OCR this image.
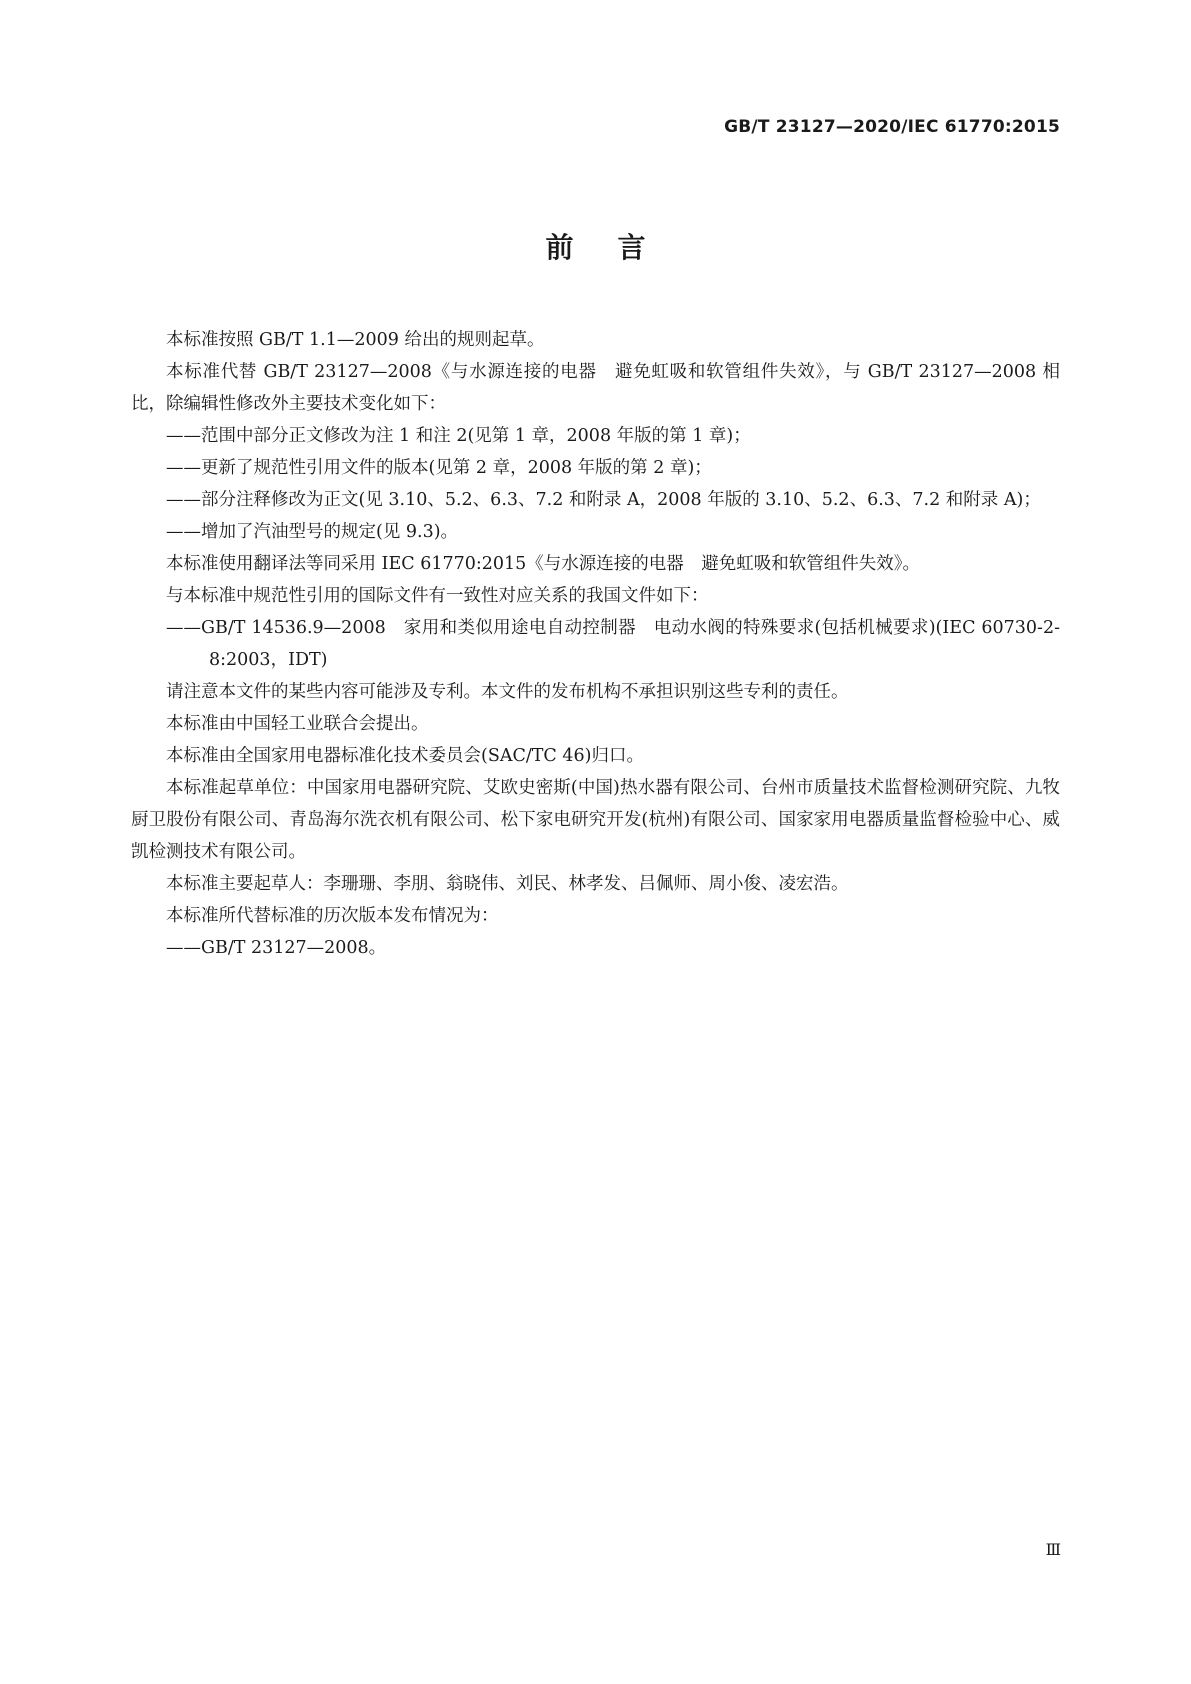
GB/T 23127—2020/IEC 61770:2015
前言

本标准按照 GB/T 1.1—2009 给出的规则起草。

本标准代替 GB/T 23127—2008《与水源连接的电器　避免虹吸和软管组件失效》，与 GB/T 23127—2008 相比，除编辑性修改外主要技术变化如下：

——范围中部分正文修改为注 1 和注 2(见第 1 章，2008 年版的第 1 章)；

——更新了规范性引用文件的版本(见第 2 章，2008 年版的第 2 章)；

——部分注释修改为正文(见 3.10、5.2、6.3、7.2 和附录 A，2008 年版的 3.10、5.2、6.3、7.2 和附录 A)；

——增加了汽油型号的规定(见 9.3)。

本标准使用翻译法等同采用 IEC 61770:2015《与水源连接的电器　避免虹吸和软管组件失效》。

与本标准中规范性引用的国际文件有一致性对应关系的我国文件如下：

——GB/T 14536.9—2008　家用和类似用途电自动控制器　电动水阀的特殊要求(包括机械要求)(IEC 60730-2-8:2003，IDT)

请注意本文件的某些内容可能涉及专利。本文件的发布机构不承担识别这些专利的责任。

本标准由中国轻工业联合会提出。

本标准由全国家用电器标准化技术委员会(SAC/TC 46)归口。

本标准起草单位：中国家用电器研究院、艾欧史密斯(中国)热水器有限公司、台州市质量技术监督检测研究院、九牧厨卫股份有限公司、青岛海尔洗衣机有限公司、松下家电研究开发(杭州)有限公司、国家家用电器质量监督检验中心、威凯检测技术有限公司。

本标准主要起草人：李珊珊、李朋、翁晓伟、刘民、林孝发、吕佩师、周小俊、凌宏浩。

本标准所代替标准的历次版本发布情况为：

——GB/T 23127—2008。

Ⅲ
